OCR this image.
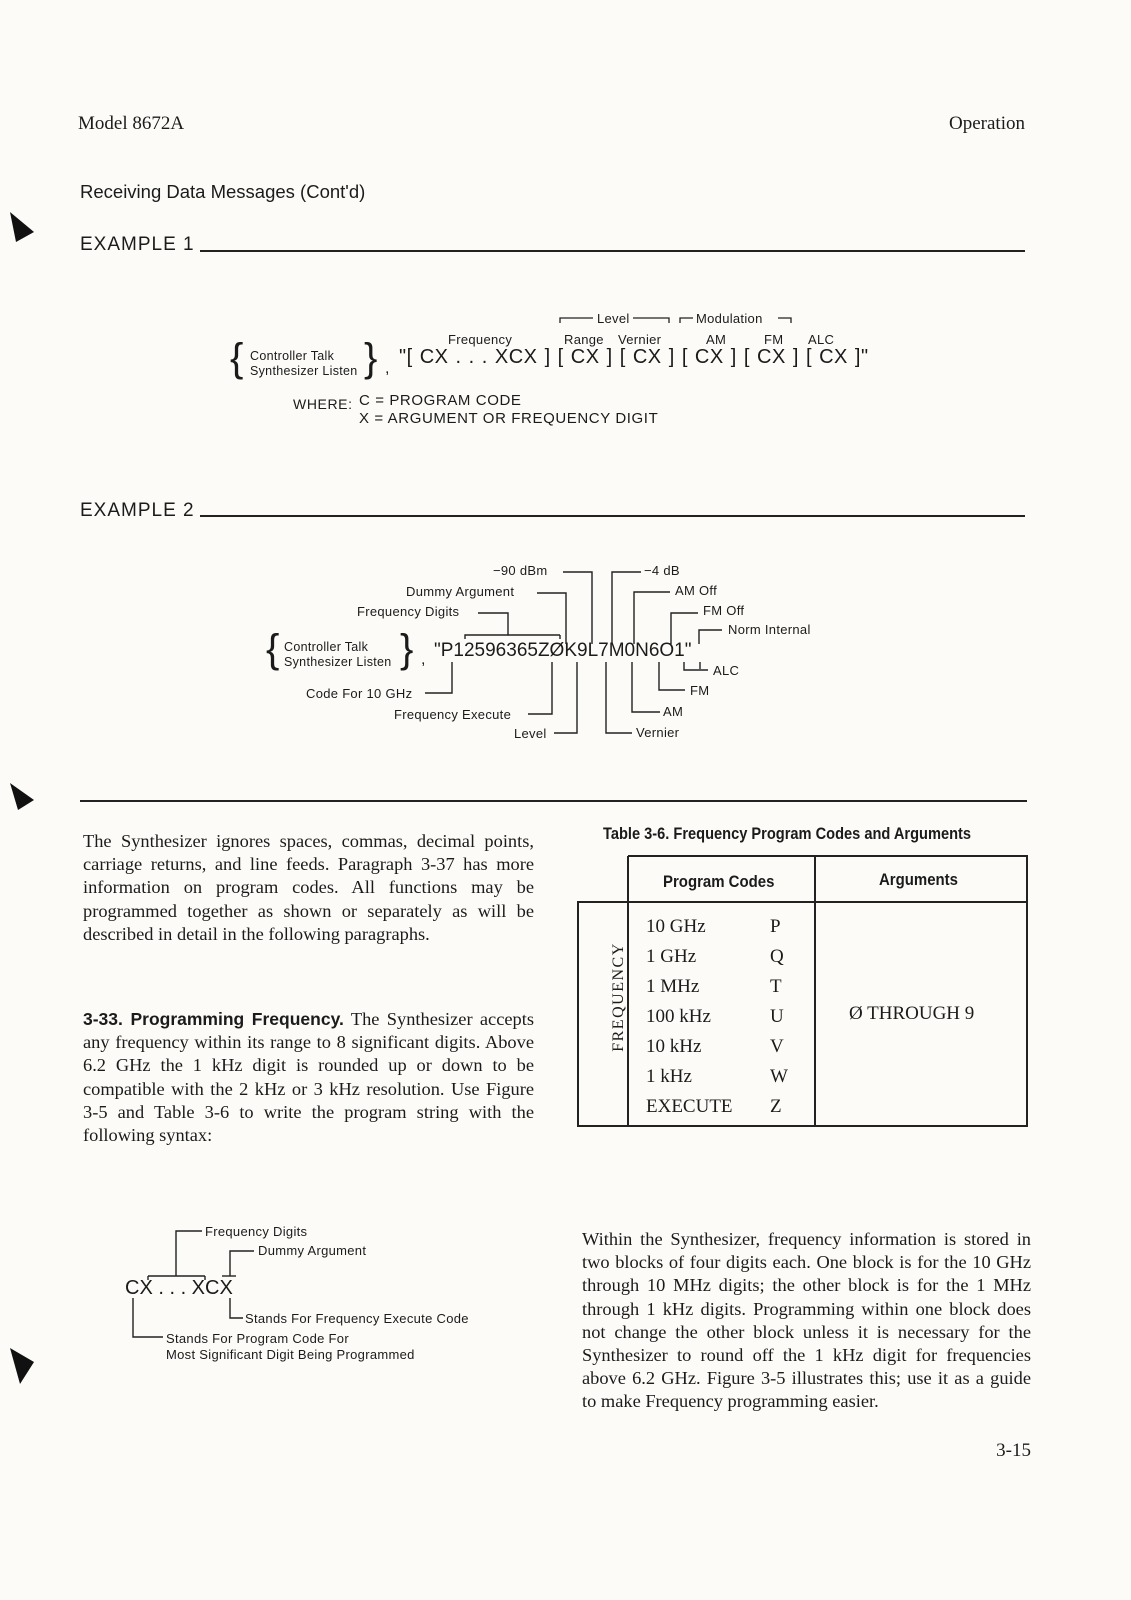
Model 8672A	Operation
Receiving Data Messages (Cont'd)
EXAMPLE 1
Level	Modulation
Frequency	Range Vernier	AM	FM ALC
{ Controller Talk
Synthesizer Listen } ,
"[ CX . . . XCX ] [ CX ] [ CX ] [ CX ] [ CX ] [ CX ]"
WHERE: C = PROGRAM CODE
X = ARGUMENT OR FREQUENCY DIGIT
EXAMPLE 2
−90 dBm	−4 dB
Dummy Argument	AM Off
Frequency Digits	FM Off
Norm Internal
{ Controller Talk
Synthesizer Listen } , "P12596365ZØK9L7M0N6O1"
ALC
Code For 10 GHz	FM
Frequency Execute	AM
Level	Vernier

The Synthesizer ignores spaces, commas, decimal points, carriage returns, and line feeds. Paragraph 3-37 has more information on program codes. All functions may be programmed together as shown or separately as will be described in detail in the following paragraphs.

3-33. Programming Frequency. The Synthesizer accepts any frequency within its range to 8 significant digits. Above 6.2 GHz the 1 kHz digit is rounded up or down to be compatible with the 2 kHz or 3 kHz resolution. Use Figure 3-5 and Table 3-6 to write the program string with the following syntax:

Frequency Digits
Dummy Argument
CX . . . XCX
Stands For Frequency Execute Code
Stands For Program Code For
Most Significant Digit Being Programmed
Table 3-6. Frequency Program Codes and Arguments
Program Codes	Arguments
FREQUENCY
10 GHz	P
1 GHz	Q
1 MHz	T
100 kHz	U
10 kHz	V
1 kHz	W
EXECUTE Z
Ø THROUGH 9

Within the Synthesizer, frequency information is stored in two blocks of four digits each. One block is for the 10 GHz through 10 MHz digits; the other block is for the 1 MHz through 1 kHz digits. Programming within one block does not change the other block unless it is necessary for the Synthesizer to round off the 1 kHz digit for frequencies above 6.2 GHz. Figure 3-5 illustrates this; use it as a guide to make Frequency programming easier.

3-15
